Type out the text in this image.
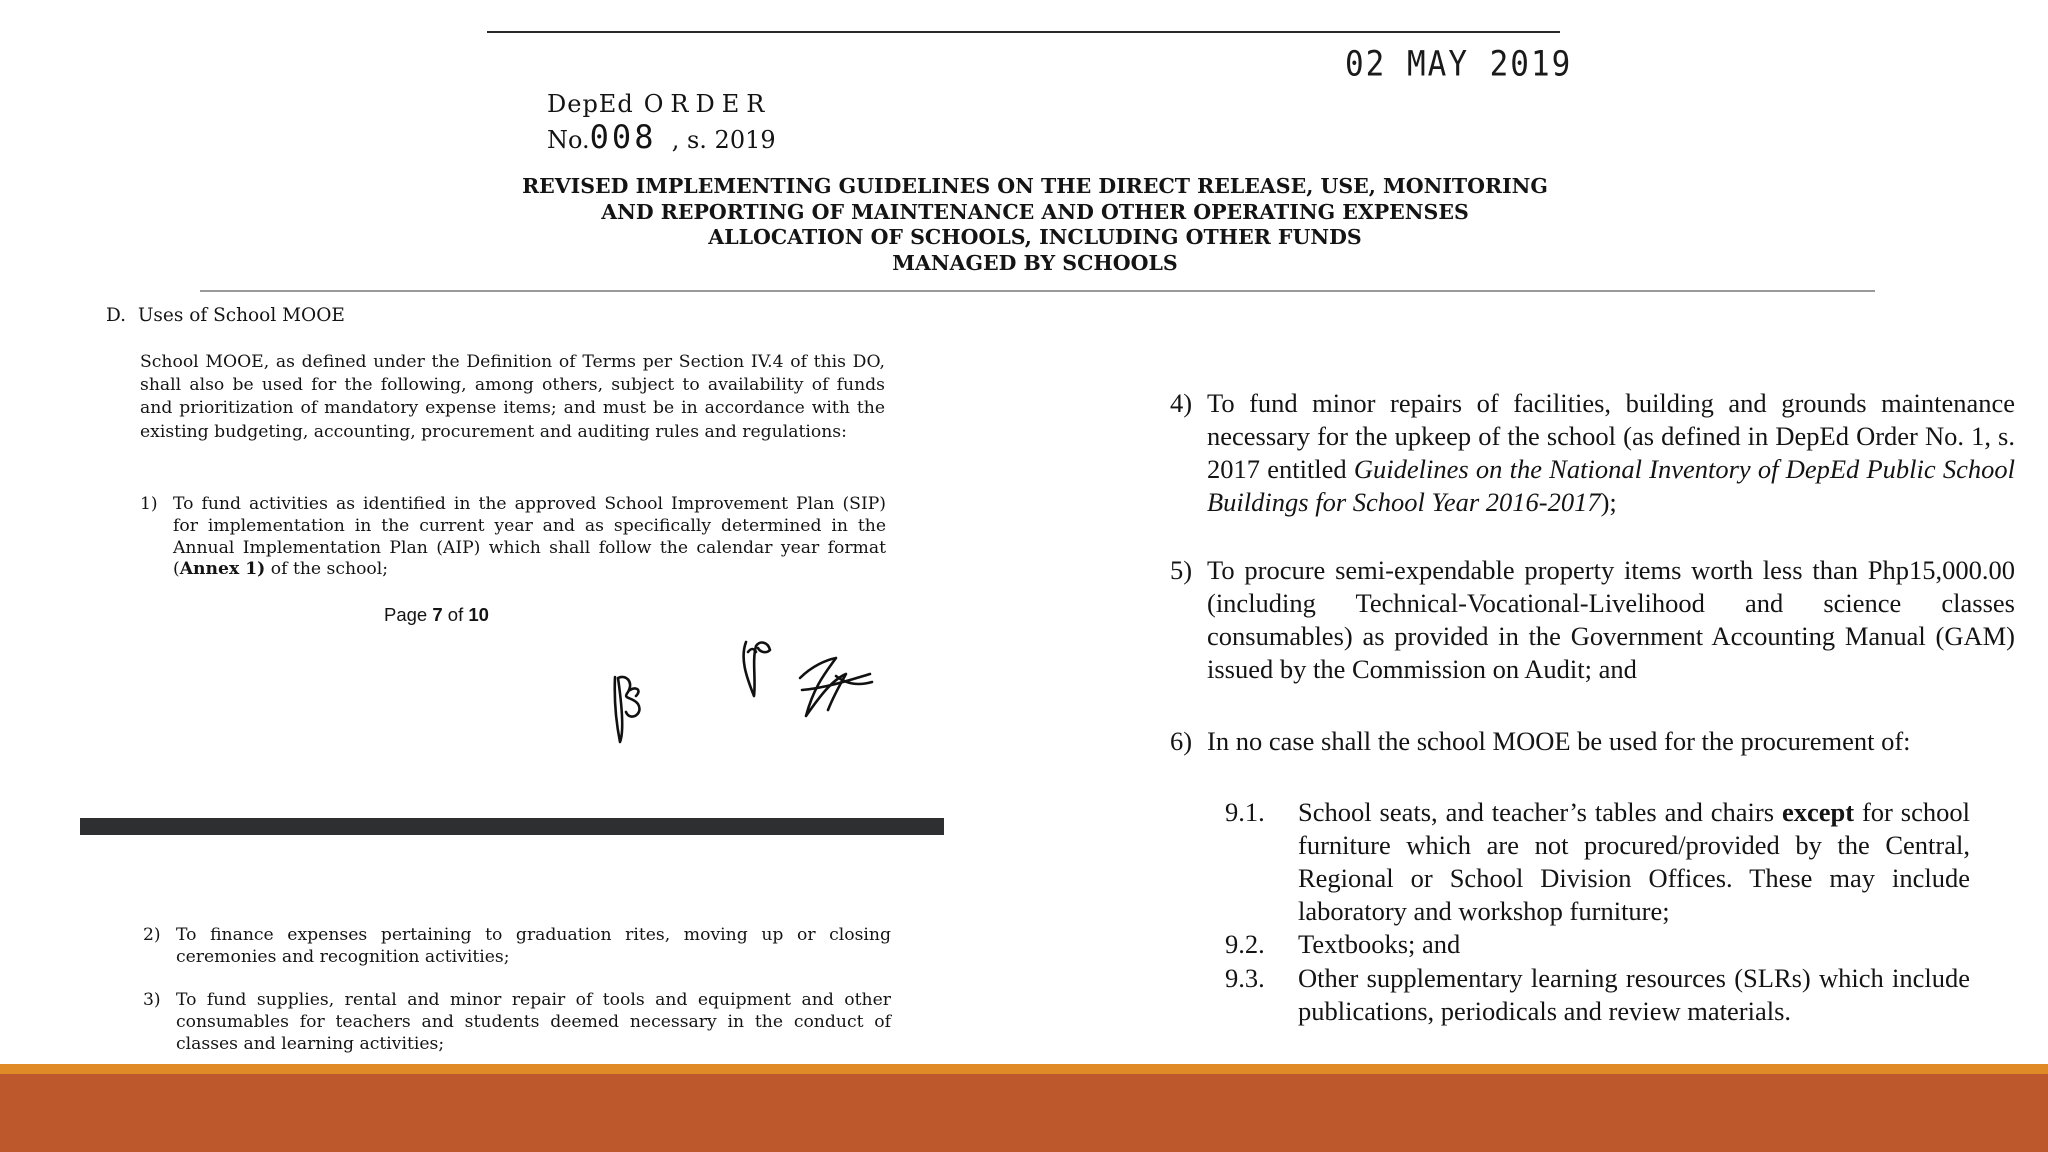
02 MAY 2019
DepEd ORDER
No.008 , s. 2019
REVISED IMPLEMENTING GUIDELINES ON THE DIRECT RELEASE, USE, MONITORING
AND REPORTING OF MAINTENANCE AND OTHER OPERATING EXPENSES
ALLOCATION OF SCHOOLS, INCLUDING OTHER FUNDS
MANAGED BY SCHOOLS
D.  Uses of School MOOE
School MOOE, as defined under the Definition of Terms per Section IV.4 of this DO, shall also be used for the following, among others, subject to availability of funds and prioritization of mandatory expense items; and must be in accordance with the existing budgeting, accounting, procurement and auditing rules and regulations:
1) To fund activities as identified in the approved School Improvement Plan (SIP) for implementation in the current year and as specifically determined in the Annual Implementation Plan (AIP) which shall follow the calendar year format (Annex 1) of the school;
Page 7 of 10
2) To finance expenses pertaining to graduation rites, moving up or closing ceremonies and recognition activities;
3) To fund supplies, rental and minor repair of tools and equipment and other consumables for teachers and students deemed necessary in the conduct of classes and learning activities;
4) To fund minor repairs of facilities, building and grounds maintenance necessary for the upkeep of the school (as defined in DepEd Order No. 1, s. 2017 entitled Guidelines on the National Inventory of DepEd Public School Buildings for School Year 2016-2017);
5) To procure semi-expendable property items worth less than Php15,000.00 (including Technical-Vocational-Livelihood and science classes consumables) as provided in the Government Accounting Manual (GAM) issued by the Commission on Audit; and
6) In no case shall the school MOOE be used for the procurement of:
9.1. School seats, and teacher’s tables and chairs except for school furniture which are not procured/provided by the Central, Regional or School Division Offices. These may include laboratory and workshop furniture;
9.2. Textbooks; and
9.3. Other supplementary learning resources (SLRs) which include publications, periodicals and review materials.
